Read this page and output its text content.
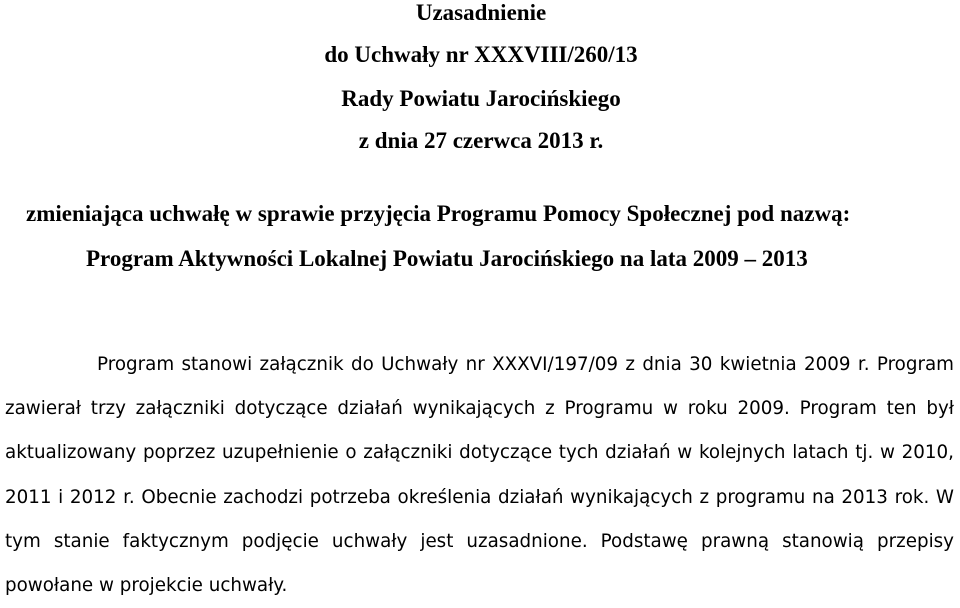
Uzasadnienie
do Uchwały nr XXXVIII/260/13
Rady Powiatu Jarocińskiego
z dnia 27 czerwca 2013 r.
zmieniająca uchwałę w sprawie przyjęcia Programu Pomocy Społecznej pod nazwą:
Program Aktywności Lokalnej Powiatu Jarocińskiego na lata 2009 – 2013
Program stanowi załącznik do Uchwały nr XXXVI/197/09 z dnia 30 kwietnia 2009 r. Program zawierał trzy załączniki dotyczące działań wynikających z Programu w roku 2009. Program ten był aktualizowany poprzez uzupełnienie o załączniki dotyczące tych działań w kolejnych latach tj. w 2010, 2011 i 2012 r. Obecnie zachodzi potrzeba określenia działań wynikających z programu na 2013 rok. W tym stanie faktycznym podjęcie uchwały jest uzasadnione. Podstawę prawną stanowią przepisy powołane w projekcie uchwały.
